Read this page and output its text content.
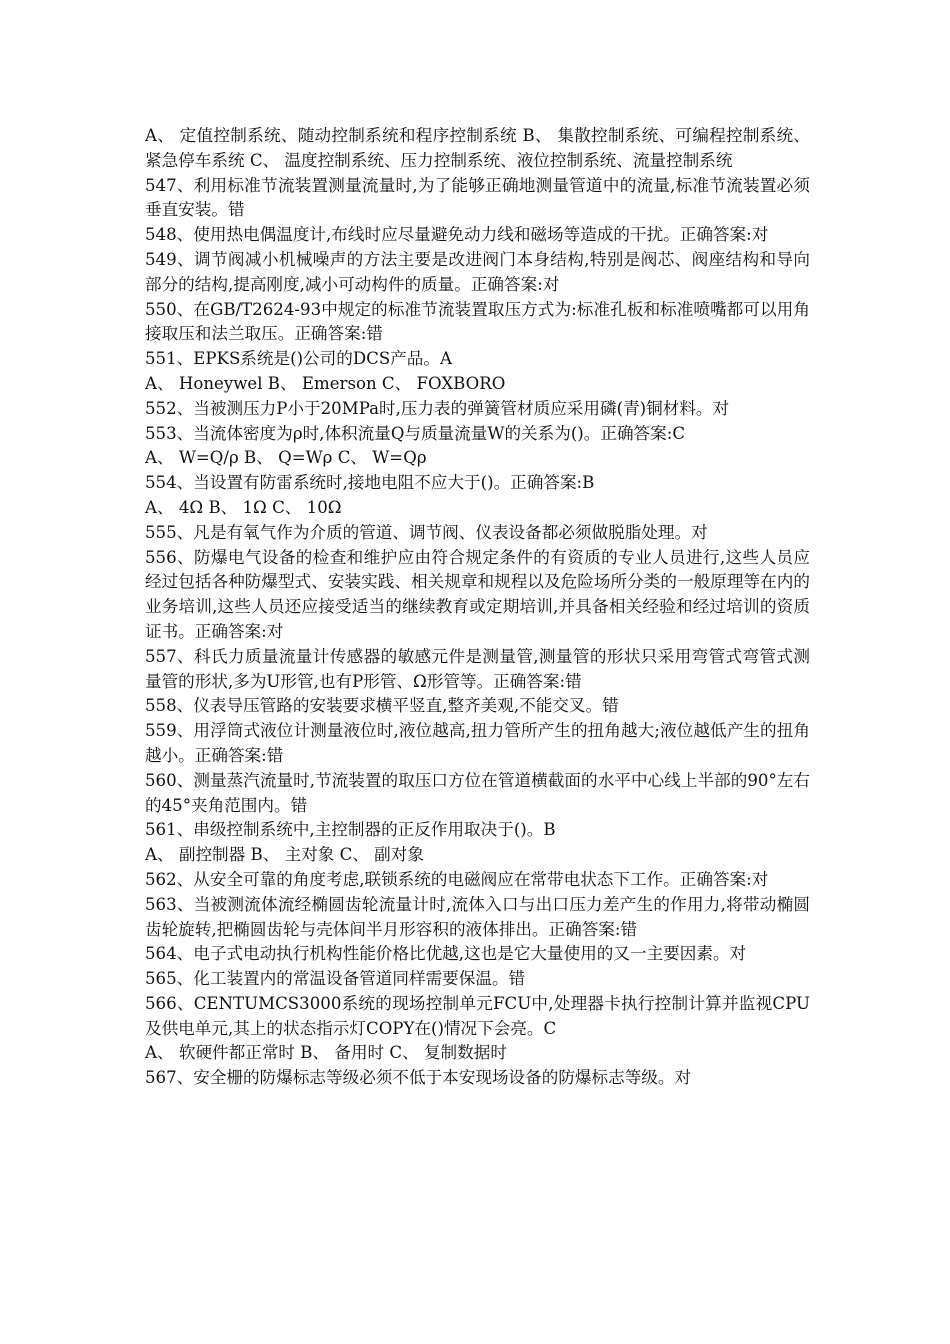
A、 定值控制系统、随动控制系统和程序控制系统 B、 集散控制系统、可编程控制系统、紧急停车系统 C、 温度控制系统、压力控制系统、液位控制系统、流量控制系统

547、利用标准节流装置测量流量时,为了能够正确地测量管道中的流量,标准节流装置必须垂直安装。错

548、使用热电偶温度计,布线时应尽量避免动力线和磁场等造成的干扰。正确答案:对

549、调节阀减小机械噪声的方法主要是改进阀门本身结构,特别是阀芯、阀座结构和导向部分的结构,提高刚度,减小可动构件的质量。正确答案:对

550、在GB/T2624-93中规定的标准节流装置取压方式为:标准孔板和标准喷嘴都可以用角接取压和法兰取压。正确答案:错

551、EPKS系统是()公司的DCS产品。A

A、 Honeywel B、 Emerson C、 FOXBORO

552、当被测压力P小于20MPa时,压力表的弹簧管材质应采用磷(青)铜材料。对

553、当流体密度为ρ时,体积流量Q与质量流量W的关系为()。正确答案:C

A、 W=Q/ρ B、 Q=Wρ C、 W=Qρ

554、当设置有防雷系统时,接地电阻不应大于()。正确答案:B

A、 4Ω B、 1Ω C、 10Ω

555、凡是有氧气作为介质的管道、调节阀、仪表设备都必须做脱脂处理。对

556、防爆电气设备的检查和维护应由符合规定条件的有资质的专业人员进行,这些人员应经过包括各种防爆型式、安装实践、相关规章和规程以及危险场所分类的一般原理等在内的业务培训,这些人员还应接受适当的继续教育或定期培训,并具备相关经验和经过培训的资质证书。正确答案:对

557、科氏力质量流量计传感器的敏感元件是测量管,测量管的形状只采用弯管式弯管式测量管的形状,多为U形管,也有P形管、Ω形管等。正确答案:错

558、仪表导压管路的安装要求横平竖直,整齐美观,不能交叉。错

559、用浮筒式液位计测量液位时,液位越高,扭力管所产生的扭角越大;液位越低产生的扭角越小。正确答案:错

560、测量蒸汽流量时,节流装置的取压口方位在管道横截面的水平中心线上半部的90°左右的45°夹角范围内。错

561、串级控制系统中,主控制器的正反作用取决于()。B

A、 副控制器 B、 主对象 C、 副对象

562、从安全可靠的角度考虑,联锁系统的电磁阀应在常带电状态下工作。正确答案:对

563、当被测流体流经椭圆齿轮流量计时,流体入口与出口压力差产生的作用力,将带动椭圆齿轮旋转,把椭圆齿轮与壳体间半月形容积的液体排出。正确答案:错

564、电子式电动执行机构性能价格比优越,这也是它大量使用的又一主要因素。对

565、化工装置内的常温设备管道同样需要保温。错

566、CENTUMCS3000系统的现场控制单元FCU中,处理器卡执行控制计算并监视CPU及供电单元,其上的状态指示灯COPY在()情况下会亮。C

A、 软硬件都正常时 B、 备用时 C、 复制数据时

567、安全栅的防爆标志等级必须不低于本安现场设备的防爆标志等级。对
